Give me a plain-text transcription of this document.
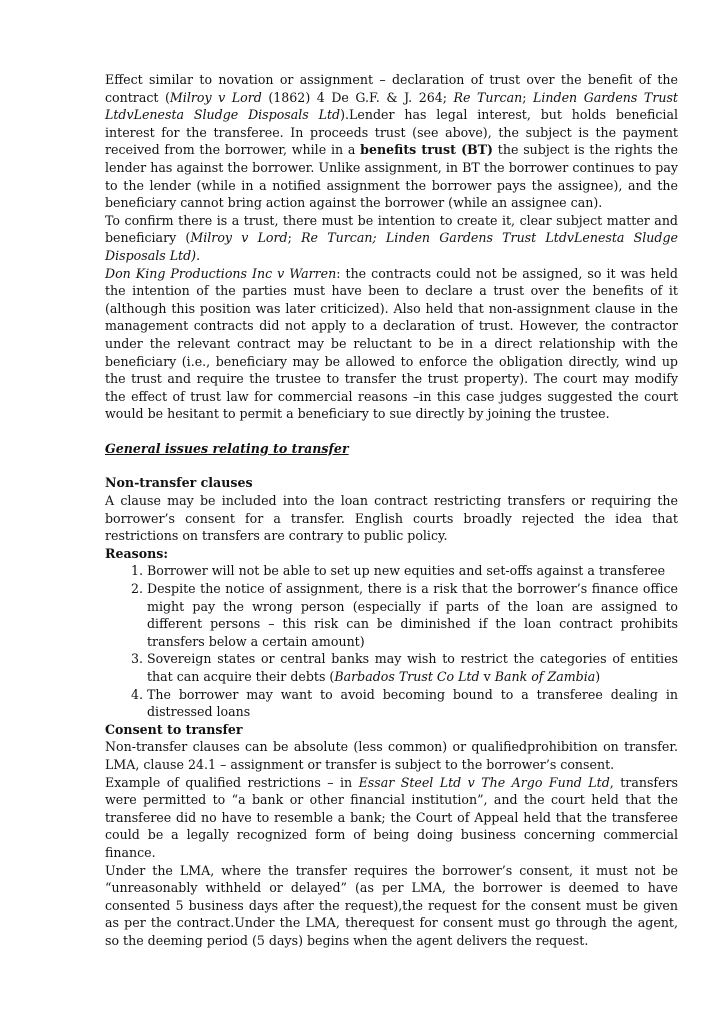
Effect similar to novation or assignment – declaration of trust over the benefit of the contract (Milroy v Lord (1862) 4 De G.F. & J. 264; Re Turcan; Linden Gardens Trust LtdvLenesta Sludge Disposals Ltd).Lender has legal interest, but holds beneficial interest for the transferee. In proceeds trust (see above), the subject is the payment received from the borrower, while in a benefits trust (BT) the subject is the rights the lender has against the borrower. Unlike assignment, in BT the borrower continues to pay to the lender (while in a notified assignment the borrower pays the assignee), and the beneficiary cannot bring action against the borrower (while an assignee can).

To confirm there is a trust, there must be intention to create it, clear subject matter and beneficiary (Milroy v Lord; Re Turcan; Linden Gardens Trust LtdvLenesta Sludge Disposals Ltd).

Don King Productions Inc v Warren: the contracts could not be assigned, so it was held the intention of the parties must have been to declare a trust over the benefits of it (although this position was later criticized). Also held that non-assignment clause in the management contracts did not apply to a declaration of trust. However, the contractor under the relevant contract may be reluctant to be in a direct relationship with the beneficiary (i.e., beneficiary may be allowed to enforce the obligation directly, wind up the trust and require the trustee to transfer the trust property). The court may modify the effect of trust law for commercial reasons –in this case judges suggested the court would be hesitant to permit a beneficiary to sue directly by joining the trustee.

General issues relating to transfer

Non-transfer clauses

A clause may be included into the loan contract restricting transfers or requiring the borrower’s consent for a transfer. English courts broadly rejected the idea that restrictions on transfers are contrary to public policy.

Reasons:

1. Borrower will not be able to set up new equities and set-offs against a transferee
2. Despite the notice of assignment, there is a risk that the borrower’s finance office might pay the wrong person (especially if parts of the loan are assigned to different persons – this risk can be diminished if the loan contract prohibits transfers below a certain amount)
3. Sovereign states or central banks may wish to restrict the categories of entities that can acquire their debts (Barbados Trust Co Ltd v Bank of Zambia)
4. The borrower may want to avoid becoming bound to a transferee dealing in distressed loans

Consent to transfer

Non-transfer clauses can be absolute (less common) or qualifiedprohibition on transfer. LMA, clause 24.1 – assignment or transfer is subject to the borrower’s consent.

Example of qualified restrictions – in Essar Steel Ltd v The Argo Fund Ltd, transfers were permitted to “a bank or other financial institution”, and the court held that the transferee did no have to resemble a bank; the Court of Appeal held that the transferee could be a legally recognized form of being doing business concerning commercial finance.

Under the LMA, where the transfer requires the borrower’s consent, it must not be “unreasonably withheld or delayed” (as per LMA, the borrower is deemed to have consented 5 business days after the request),the request for the consent must be given as per the contract.Under the LMA, therequest for consent must go through the agent, so the deeming period (5 days) begins when the agent delivers the request.
